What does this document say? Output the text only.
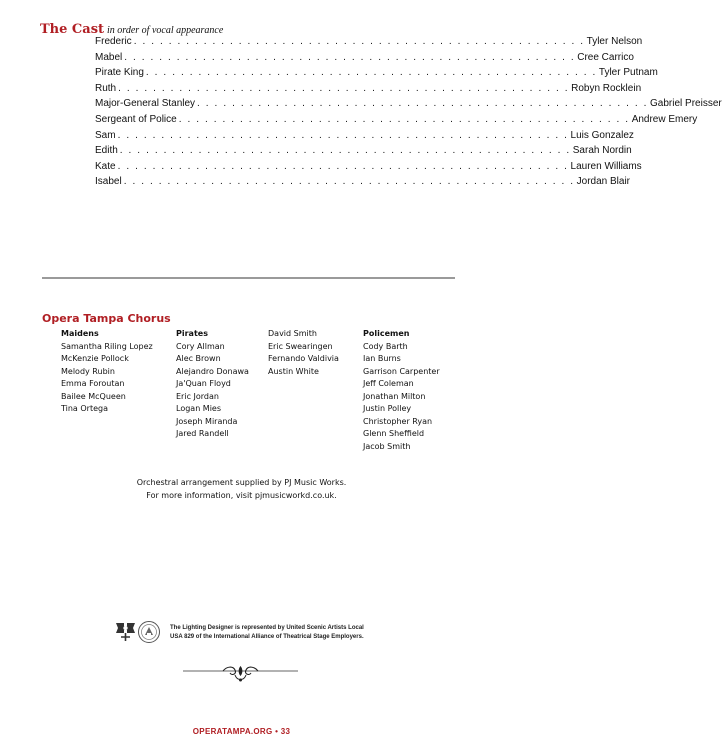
The Cast in order of vocal appearance
Frederic . . . . . . . . . . . . . . . . . . . . . . . . . . . . . . . . . . . . . . . . . . . . . . . . . . . . Tyler Nelson
Mabel . . . . . . . . . . . . . . . . . . . . . . . . . . . . . . . . . . . . . . . . . . . . . . . . . . . . Cree Carrico
Pirate King . . . . . . . . . . . . . . . . . . . . . . . . . . . . . . . . . . . . . . . . . . . . . . . . . . . . Tyler Putnam
Ruth . . . . . . . . . . . . . . . . . . . . . . . . . . . . . . . . . . . . . . . . . . . . . . . . . . . . Robyn Rocklein
Major-General Stanley . . . . . . . . . . . . . . . . . . . . . . . . . . . . . . . . . . . . . . . . . . . . . . . . . . . . Gabriel Preisser
Sergeant of Police . . . . . . . . . . . . . . . . . . . . . . . . . . . . . . . . . . . . . . . . . . . . . . . . . . . . Andrew Emery
Sam . . . . . . . . . . . . . . . . . . . . . . . . . . . . . . . . . . . . . . . . . . . . . . . . . . . . Luis Gonzalez
Edith . . . . . . . . . . . . . . . . . . . . . . . . . . . . . . . . . . . . . . . . . . . . . . . . . . . . Sarah Nordin
Kate . . . . . . . . . . . . . . . . . . . . . . . . . . . . . . . . . . . . . . . . . . . . . . . . . . . . Lauren Williams
Isabel . . . . . . . . . . . . . . . . . . . . . . . . . . . . . . . . . . . . . . . . . . . . . . . . . . . . Jordan Blair
Opera Tampa Chorus
Maidens
Samantha Riling Lopez
McKenzie Pollock
Melody Rubin
Emma Foroutan
Bailee McQueen
Tina Ortega
Pirates
Cory Allman
Alec Brown
Alejandro Donawa
Ja'Quan Floyd
Eric Jordan
Logan Mies
Joseph Miranda
Jared Randell
David Smith
Eric Swearingen
Fernando Valdivia
Austin White
Policemen
Cody Barth
Ian Burns
Garrison Carpenter
Jeff Coleman
Jonathan Milton
Justin Polley
Christopher Ryan
Glenn Sheffield
Jacob Smith
Orchestral arrangement supplied by PJ Music Works.
For more information, visit pjmusicworkd.co.uk.
The Lighting Designer is represented by United Scenic Artists Local
USA 829 of the International Alliance of Theatrical Stage Employers.
OPERATAMPA.ORG • 33
